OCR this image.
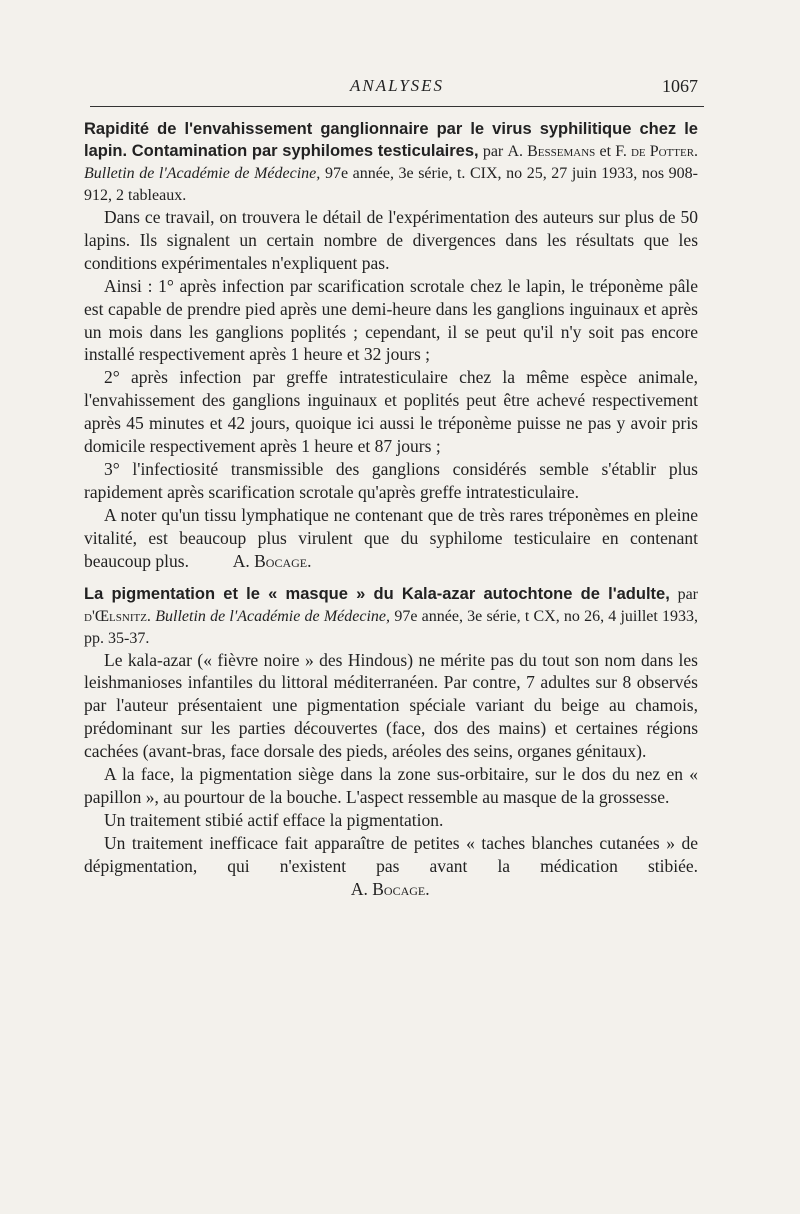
ANALYSES	1067

Rapidité de l'envahissement ganglionnaire par le virus syphilitique chez le lapin. Contamination par syphilomes testiculaires, par A. Bessemans et F. de Potter. Bulletin de l'Académie de Médecine, 97e année, 3e série, t. CIX, no 25, 27 juin 1933, nos 908-912, 2 tableaux.

Dans ce travail, on trouvera le détail de l'expérimentation des auteurs sur plus de 50 lapins. Ils signalent un certain nombre de divergences dans les résultats que les conditions expérimentales n'expliquent pas.

Ainsi : 1° après infection par scarification scrotale chez le lapin, le tréponème pâle est capable de prendre pied après une demi-heure dans les ganglions inguinaux et après un mois dans les ganglions poplités ; cependant, il se peut qu'il n'y soit pas encore installé respectivement après 1 heure et 32 jours ;

2° après infection par greffe intratesticulaire chez la même espèce animale, l'envahissement des ganglions inguinaux et poplités peut être achevé respectivement après 45 minutes et 42 jours, quoique ici aussi le tréponème puisse ne pas y avoir pris domicile respectivement après 1 heure et 87 jours ;

3° l'infectiosité transmissible des ganglions considérés semble s'établir plus rapidement après scarification scrotale qu'après greffe intratesticulaire.

A noter qu'un tissu lymphatique ne contenant que de très rares tréponèmes en pleine vitalité, est beaucoup plus virulent que du syphilome testiculaire en contenant beaucoup plus.	A. Bocage.

La pigmentation et le « masque » du Kala-azar autochtone de l'adulte, par d'Œlsnitz. Bulletin de l'Académie de Médecine, 97e année, 3e série, t CX, no 26, 4 juillet 1933, pp. 35-37.

Le kala-azar (« fièvre noire » des Hindous) ne mérite pas du tout son nom dans les leishmanioses infantiles du littoral méditerranéen. Par contre, 7 adultes sur 8 observés par l'auteur présentaient une pigmentation spéciale variant du beige au chamois, prédominant sur les parties découvertes (face, dos des mains) et certaines régions cachées (avant-bras, face dorsale des pieds, aréoles des seins, organes génitaux).

A la face, la pigmentation siège dans la zone sus-orbitaire, sur le dos du nez en « papillon », au pourtour de la bouche. L'aspect ressemble au masque de la grossesse.

Un traitement stibié actif efface la pigmentation.

Un traitement inefficace fait apparaître de petites « taches blanches cutanées » de dépigmentation, qui n'existent pas avant la médication stibiée.                                                              A. Bocage.
